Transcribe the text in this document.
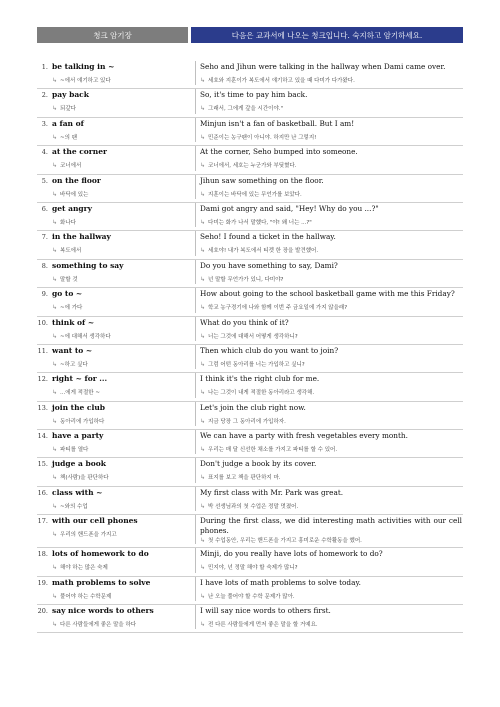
청크 암기장	다음은 교과서에 나오는 청크입니다. 숙지하고 암기하세요.
1. be talking in ~
↳ ~에서 얘기하고 있다
Seho and Jihun were talking in the hallway when Dami came over.
↳ 세호와 지훈이가 복도에서 얘기하고 있을 때 다미가 다가왔다.
2. pay back
↳ 되갚다
So, it's time to pay him back.
↳ 그래서, 그에게 갚을 시간이야."
3. a fan of
↳ ~의 팬
Minjun isn't a fan of basketball. But I am!
↳ 민준이는 농구팬이 아니야. 하지만 난 그렇지!
4. at the corner
↳ 코너에서
At the corner, Seho bumped into someone.
↳ 코너에서, 세호는 누군가와 부딪혔다.
5. on the floor
↳ 바닥에 있는
Jihun saw something on the floor.
↳ 지훈이는 바닥에 있는 무언가를 보았다.
6. get angry
↳ 화나다
Dami got angry and said, "Hey! Why do you ...?"
↳ 다미는 화가 나서 말했다, "야! 왜 너는 ...?"
7. in the hallway
↳ 복도에서
Seho! I found a ticket in the hallway.
↳ 세호야! 내가 복도에서 티켓 한 장을 발견했어.
8. something to say
↳ 말할 것
Do you have something to say, Dami?
↳ 넌 말할 무언가가 있니, 다미야?
9. go to ~
↳ ~에 가다
How about going to the school basketball game with me this Friday?
↳ 학교 농구경기에 나와 함께 이번 주 금요일에 가지 않을래?
10. think of ~
↳ ~에 대해서 생각하다
What do you think of it?
↳ 너는 그것에 대해서 어떻게 생각하니?
11. want to ~
↳ ~하고 싶다
Then which club do you want to join?
↳ 그럼 어떤 동아리를 너는 가입하고 싶니?
12. right ~ for ...
↳ ...에게 적절한 ~
I think it's the right club for me.
↳ 나는 그것이 내게 적절한 동아리라고 생각해.
13. join the club
↳ 동아리에 가입하다
Let's join the club right now.
↳ 지금 당장 그 동아리에 가입하자.
14. have a party
↳ 파티를 열다
We can have a party with fresh vegetables every month.
↳ 우리는 매 달 신선한 채소를 가지고 파티를 할 수 있어.
15. judge a book
↳ 책(사람)을 판단하다
Don't judge a book by its cover.
↳ 표지를 보고 책을 판단하지 마.
16. class with ~
↳ ~와의 수업
My first class with Mr. Park was great.
↳ 박 선생님과의 첫 수업은 정말 멋졌어.
17. with our cell phones
↳ 우리의 핸드폰을 가지고
During the first class, we did interesting math activities with our cell phones.
↳ 첫 수업동안, 우리는 핸드폰을 가지고 흥미로운 수학활동을 했어.
18. lots of homework to do
↳ 해야 하는 많은 숙제
Minji, do you really have lots of homework to do?
↳ 민지야, 넌 정말 해야 할 숙제가 많니?
19. math problems to solve
↳ 풀어야 하는 수학문제
I have lots of math problems to solve today.
↳ 난 오늘 풀어야 할 수학 문제가 많아.
20. say nice words to others
↳ 다른 사람들에게 좋은 말을 하다
I will say nice words to others first.
↳ 전 다른 사람들에게 먼저 좋은 말을 할 거예요.
